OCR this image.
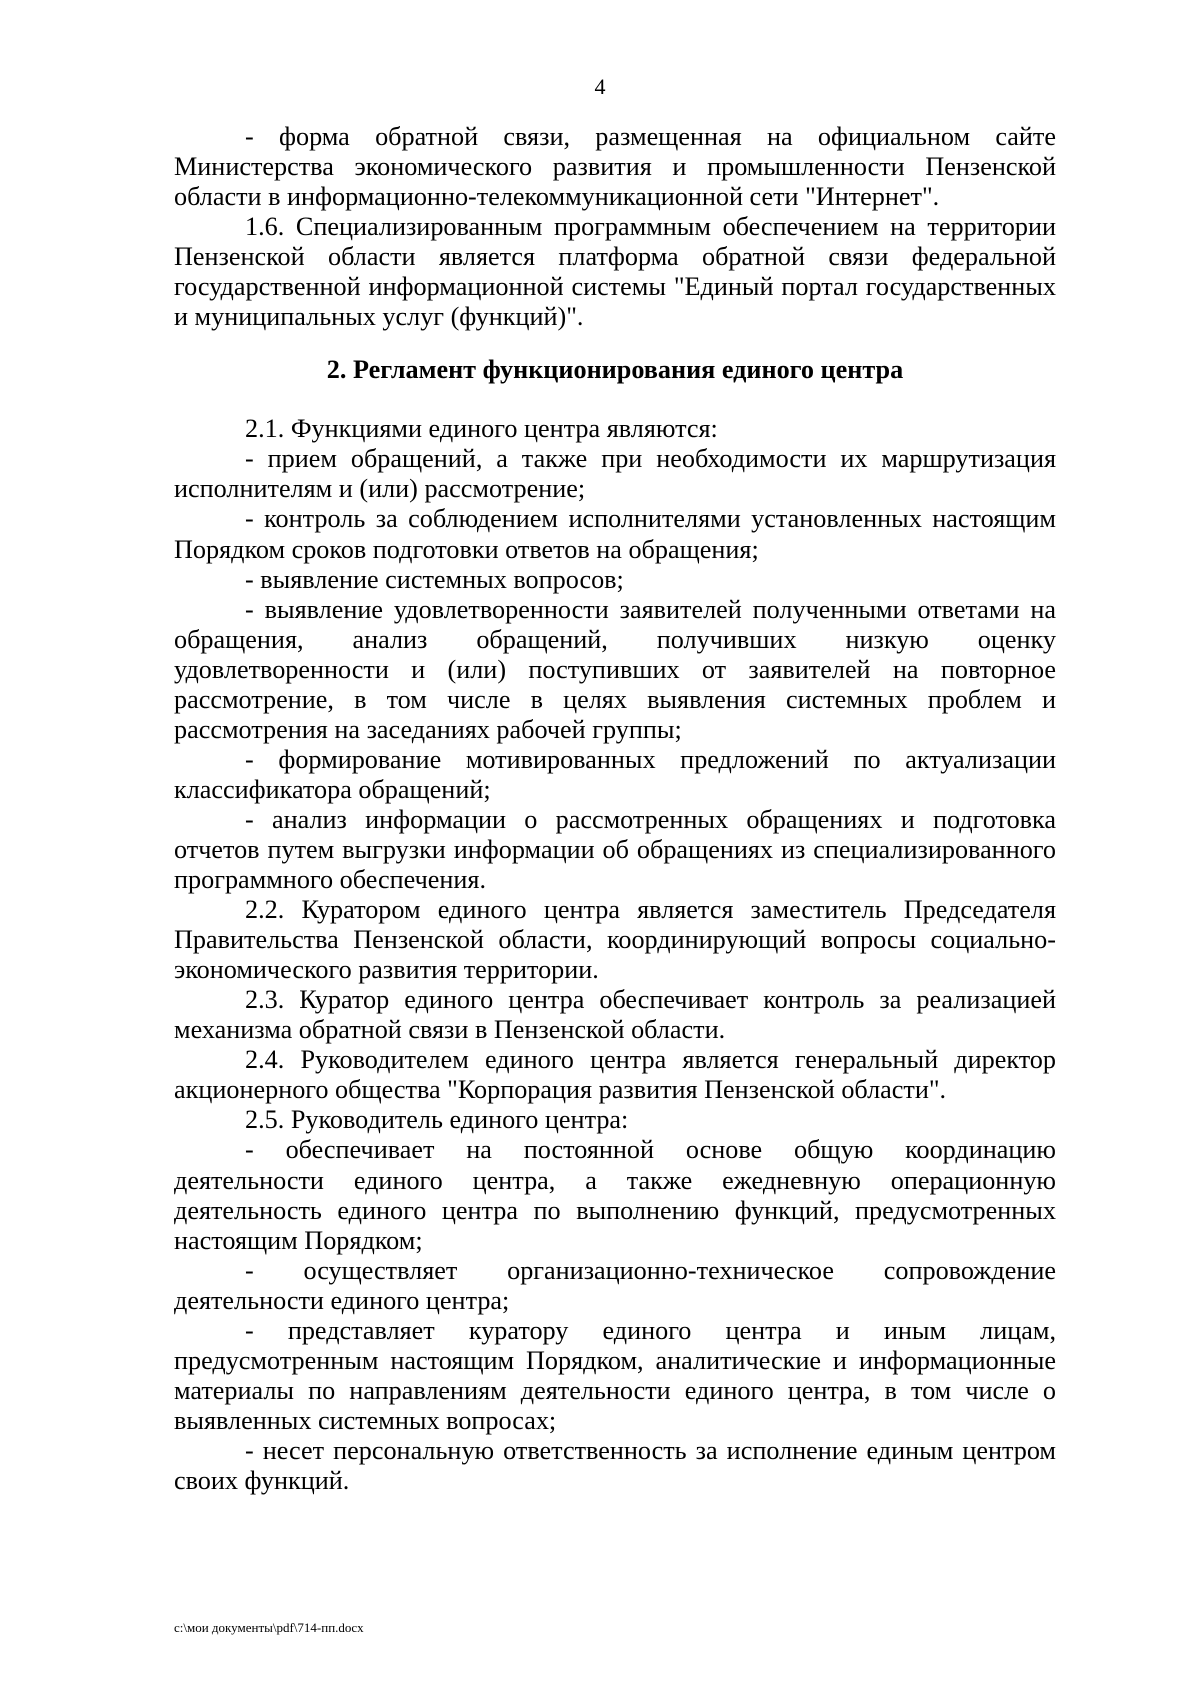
4

- форма обратной связи, размещенная на официальном сайте Министерства экономического развития и промышленности Пензенской области в информационно-телекоммуникационной сети "Интернет".

1.6. Специализированным программным обеспечением на территории Пензенской области является платформа обратной связи федеральной государственной информационной системы "Единый портал государственных и муниципальных услуг (функций)".

2. Регламент функционирования единого центра

2.1. Функциями единого центра являются:

- прием обращений, а также при необходимости их маршрутизация исполнителям и (или) рассмотрение;

- контроль за соблюдением исполнителями установленных настоящим Порядком сроков подготовки ответов на обращения;

- выявление системных вопросов;

- выявление удовлетворенности заявителей полученными ответами на обращения, анализ обращений, получивших низкую оценку удовлетворенности и (или) поступивших от заявителей на повторное рассмотрение, в том числе в целях выявления системных проблем и рассмотрения на заседаниях рабочей группы;

- формирование мотивированных предложений по актуализации классификатора обращений;

- анализ информации о рассмотренных обращениях и подготовка отчетов путем выгрузки информации об обращениях из специализированного программного обеспечения.

2.2. Куратором единого центра является заместитель Председателя Правительства Пензенской области, координирующий вопросы социально-экономического развития территории.

2.3. Куратор единого центра обеспечивает контроль за реализацией механизма обратной связи в Пензенской области.

2.4. Руководителем единого центра является генеральный директор акционерного общества "Корпорация развития Пензенской области".

2.5. Руководитель единого центра:

- обеспечивает на постоянной основе общую координацию деятельности единого центра, а также ежедневную операционную деятельность единого центра по выполнению функций, предусмотренных настоящим Порядком;

- осуществляет организационно-техническое сопровождение деятельности единого центра;

- представляет куратору единого центра и иным лицам, предусмотренным настоящим Порядком, аналитические и информационные материалы по направлениям деятельности единого центра, в том числе о выявленных системных вопросах;

- несет персональную ответственность за исполнение единым центром своих функций.

c:\мои документы\pdf\714-пп.docx
